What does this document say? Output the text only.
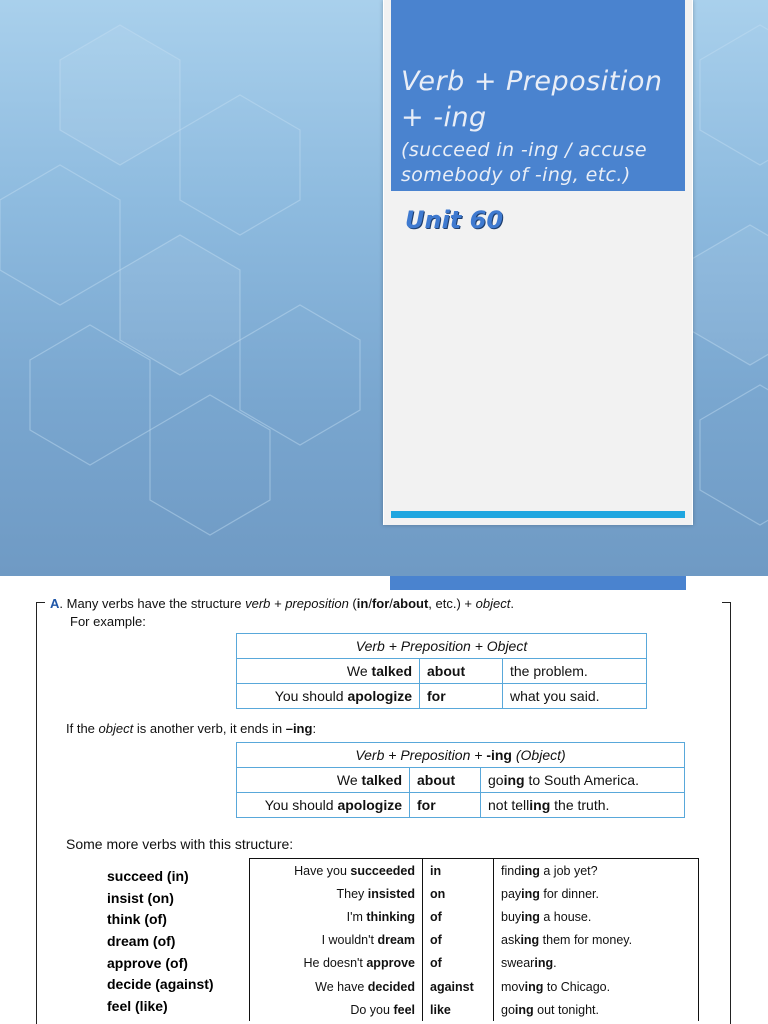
Verb + Preposition + -ing
(succeed in -ing / accuse somebody of -ing, etc.)
Unit 60
A. Many verbs have the structure verb + preposition (in/for/about, etc.) + object.
For example:
Verb + Preposition + Object		
We talked	about	the problem.
You should apologize	for	what you said.
If the object is another verb, it ends in –ing:
Verb + Preposition + -ing (Object)		
We talked	about	going to South America.
You should apologize	for	not telling the truth.
Some more verbs with this structure:
succeed (in)
insist (on)
think (of)
dream (of)
approve (of)
decide (against)
feel (like)
Have you succeeded	in	finding a job yet?
They insisted	on	paying for dinner.
I'm thinking	of	buying a house.
I wouldn't dream	of	asking them for money.
He doesn't approve	of	swearing.
We have decided	against	moving to Chicago.
Do you feel	like	going out tonight.
